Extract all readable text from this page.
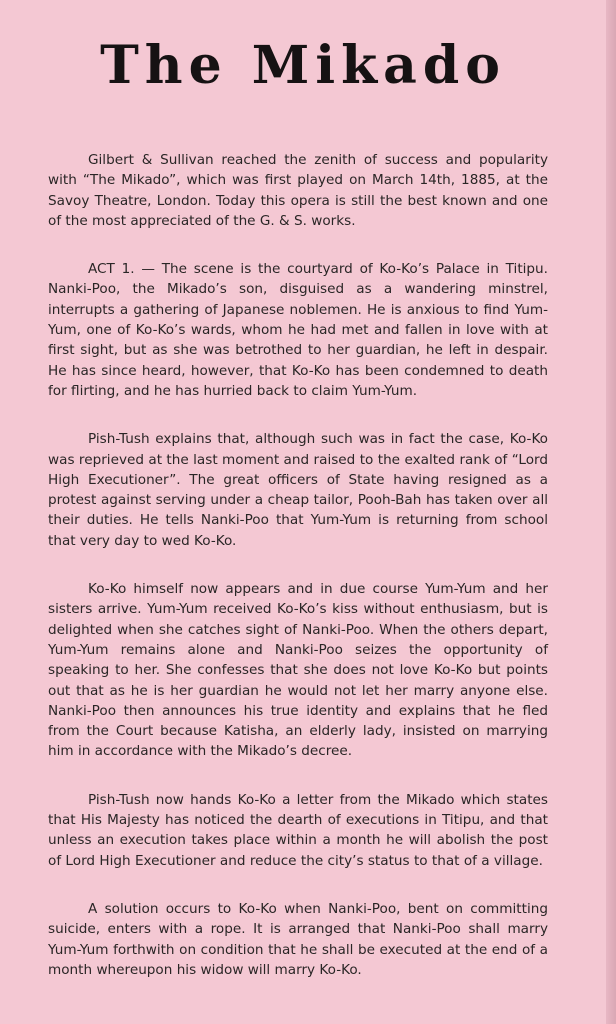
The Mikado

Gilbert & Sullivan reached the zenith of success and popularity with “The Mikado”, which was first played on March 14th, 1885, at the Savoy Theatre, London. Today this opera is still the best known and one of the most appreciated of the G. & S. works.

ACT 1. — The scene is the courtyard of Ko-Ko’s Palace in Titipu. Nanki-Poo, the Mikado’s son, disguised as a wandering minstrel, interrupts a gathering of Japanese noblemen. He is anxious to find Yum-Yum, one of Ko-Ko’s wards, whom he had met and fallen in love with at first sight, but as she was betrothed to her guardian, he left in despair. He has since heard, however, that Ko-Ko has been condemned to death for flirting, and he has hurried back to claim Yum-Yum.

Pish-Tush explains that, although such was in fact the case, Ko-Ko was reprieved at the last moment and raised to the exalted rank of “Lord High Executioner”. The great officers of State having resigned as a protest against serving under a cheap tailor, Pooh-Bah has taken over all their duties. He tells Nanki-Poo that Yum-Yum is returning from school that very day to wed Ko-Ko.

Ko-Ko himself now appears and in due course Yum-Yum and her sisters arrive. Yum-Yum received Ko-Ko’s kiss without enthusiasm, but is delighted when she catches sight of Nanki-Poo. When the others depart, Yum-Yum remains alone and Nanki-Poo seizes the opportunity of speaking to her. She confesses that she does not love Ko-Ko but points out that as he is her guardian he would not let her marry anyone else. Nanki-Poo then announces his true identity and explains that he fled from the Court because Katisha, an elderly lady, insisted on marrying him in accordance with the Mikado’s decree.

Pish-Tush now hands Ko-Ko a letter from the Mikado which states that His Majesty has noticed the dearth of executions in Titipu, and that unless an execution takes place within a month he will abolish the post of Lord High Executioner and reduce the city’s status to that of a village.

A solution occurs to Ko-Ko when Nanki-Poo, bent on committing suicide, enters with a rope. It is arranged that Nanki-Poo shall marry Yum-Yum forthwith on condition that he shall be executed at the end of a month whereupon his widow will marry Ko-Ko.
